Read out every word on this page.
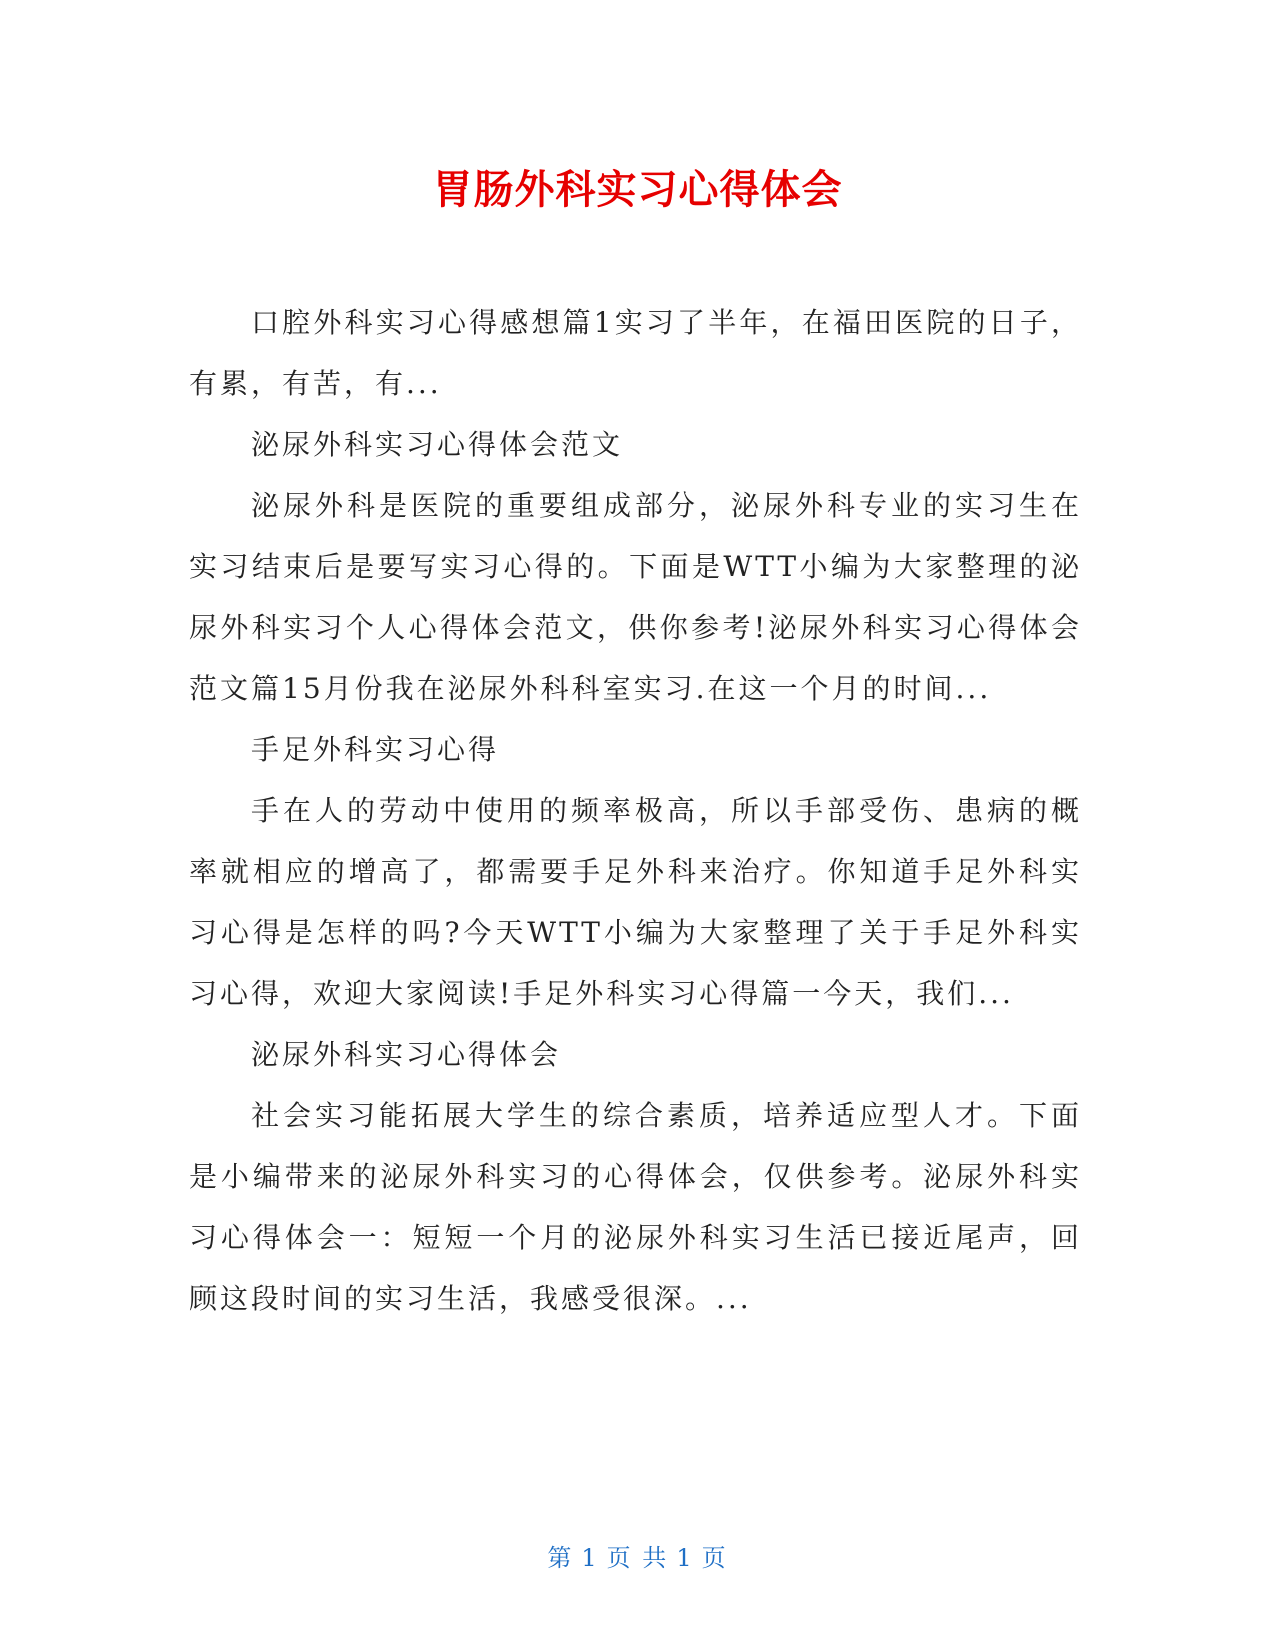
胃肠外科实习心得体会

口腔外科实习心得感想篇1实习了半年，在福田医院的日子，有累，有苦，有...

泌尿外科实习心得体会范文

泌尿外科是医院的重要组成部分，泌尿外科专业的实习生在实习结束后是要写实习心得的。下面是WTT小编为大家整理的泌尿外科实习个人心得体会范文，供你参考!泌尿外科实习心得体会范文篇15月份我在泌尿外科科室实习.在这一个月的时间...

手足外科实习心得

手在人的劳动中使用的频率极高，所以手部受伤、患病的概率就相应的增高了，都需要手足外科来治疗。你知道手足外科实习心得是怎样的吗?今天WTT小编为大家整理了关于手足外科实习心得，欢迎大家阅读!手足外科实习心得篇一今天，我们...

泌尿外科实习心得体会

社会实习能拓展大学生的综合素质，培养适应型人才。下面是小编带来的泌尿外科实习的心得体会，仅供参考。泌尿外科实习心得体会一：短短一个月的泌尿外科实习生活已接近尾声，回顾这段时间的实习生活，我感受很深。...

第 1 页 共 1 页
